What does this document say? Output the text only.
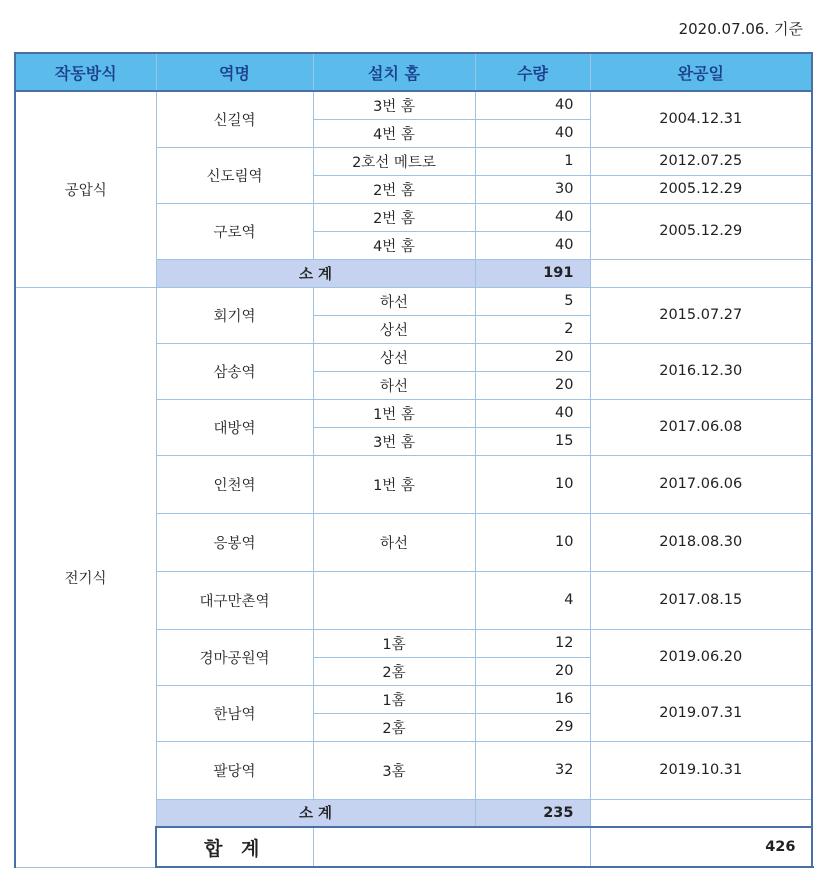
2020.07.06. 기준
작동방식	역명	설치 홈	수량	완공일	
공압식	신길역	3번 홈	40	2004.12.31	
		4번 홈	40		
	신도림역	2호선 메트로	1	2012.07.25	
		2번 홈	30	2005.12.29	
	구로역	2번 홈	40	2005.12.29	
		4번 홈	40		
	소 계		191		
전기식	회기역	하선	5	2015.07.27	
		상선	2		
	삼송역	상선	20	2016.12.30	
		하선	20		
	대방역	1번 홈	40	2017.06.08	
		3번 홈	15		
	인천역	1번 홈	10	2017.06.06	
	응봉역	하선	10	2018.08.30	
	대구만촌역		4	2017.08.15	
	경마공원역	1홈	12	2019.06.20	
		2홈	20		
	한남역	1홈	16	2019.07.31	
		2홈	29		
	팔당역	3홈	32	2019.10.31	
	소 계		235		
	합 계			426	
